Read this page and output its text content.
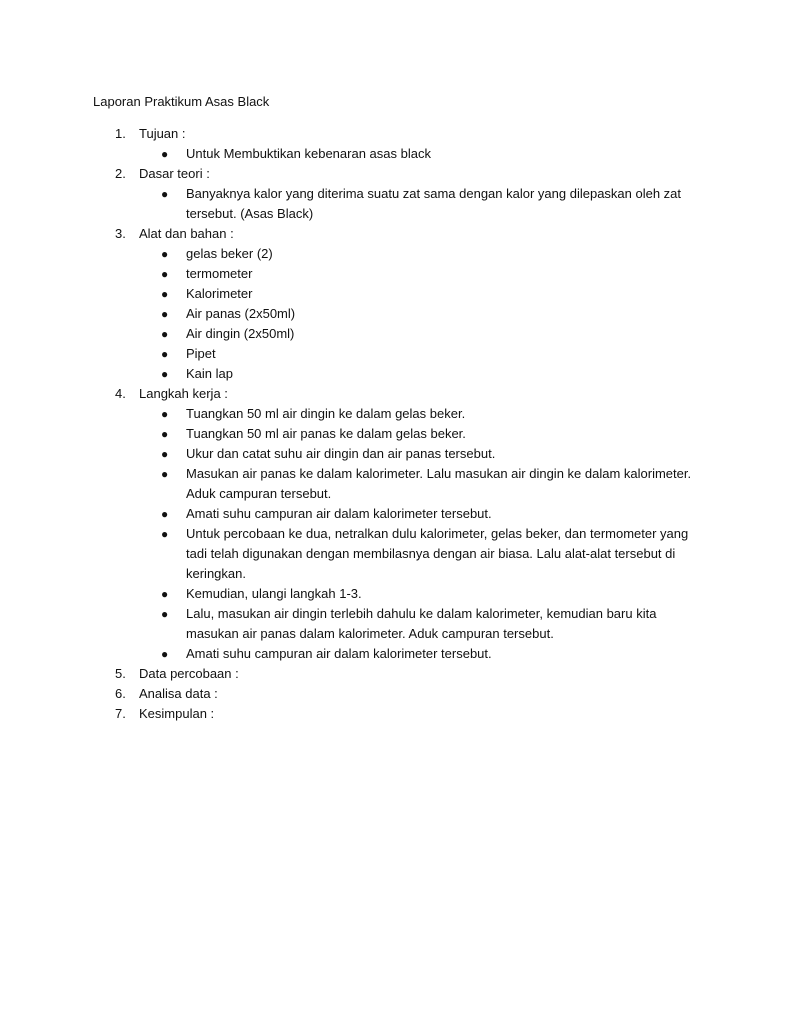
Laporan Praktikum Asas Black
1.	Tujuan :
● Untuk Membuktikan kebenaran asas black
2.	Dasar teori :
● Banyaknya kalor yang diterima suatu zat sama dengan kalor yang dilepaskan oleh zat tersebut. (Asas Black)
3.	Alat dan bahan :
● gelas beker (2)
● termometer
● Kalorimeter
● Air panas (2x50ml)
● Air dingin (2x50ml)
● Pipet
● Kain lap
4.	Langkah kerja :
● Tuangkan 50 ml air dingin ke dalam gelas beker.
● Tuangkan 50 ml air panas ke dalam gelas beker.
● Ukur dan catat suhu air dingin dan air panas tersebut.
● Masukan air panas ke dalam kalorimeter. Lalu masukan air dingin ke dalam kalorimeter. Aduk campuran tersebut.
● Amati suhu campuran air dalam kalorimeter tersebut.
● Untuk percobaan ke dua, netralkan dulu kalorimeter, gelas beker, dan termometer yang tadi telah digunakan dengan membilasnya dengan air biasa. Lalu alat-alat tersebut di keringkan.
● Kemudian, ulangi langkah 1-3.
● Lalu, masukan air dingin terlebih dahulu ke dalam kalorimeter, kemudian baru kita masukan air panas dalam kalorimeter. Aduk campuran tersebut.
● Amati suhu campuran air dalam kalorimeter tersebut.
5.	Data percobaan :
6.	Analisa data :
7.	Kesimpulan :
